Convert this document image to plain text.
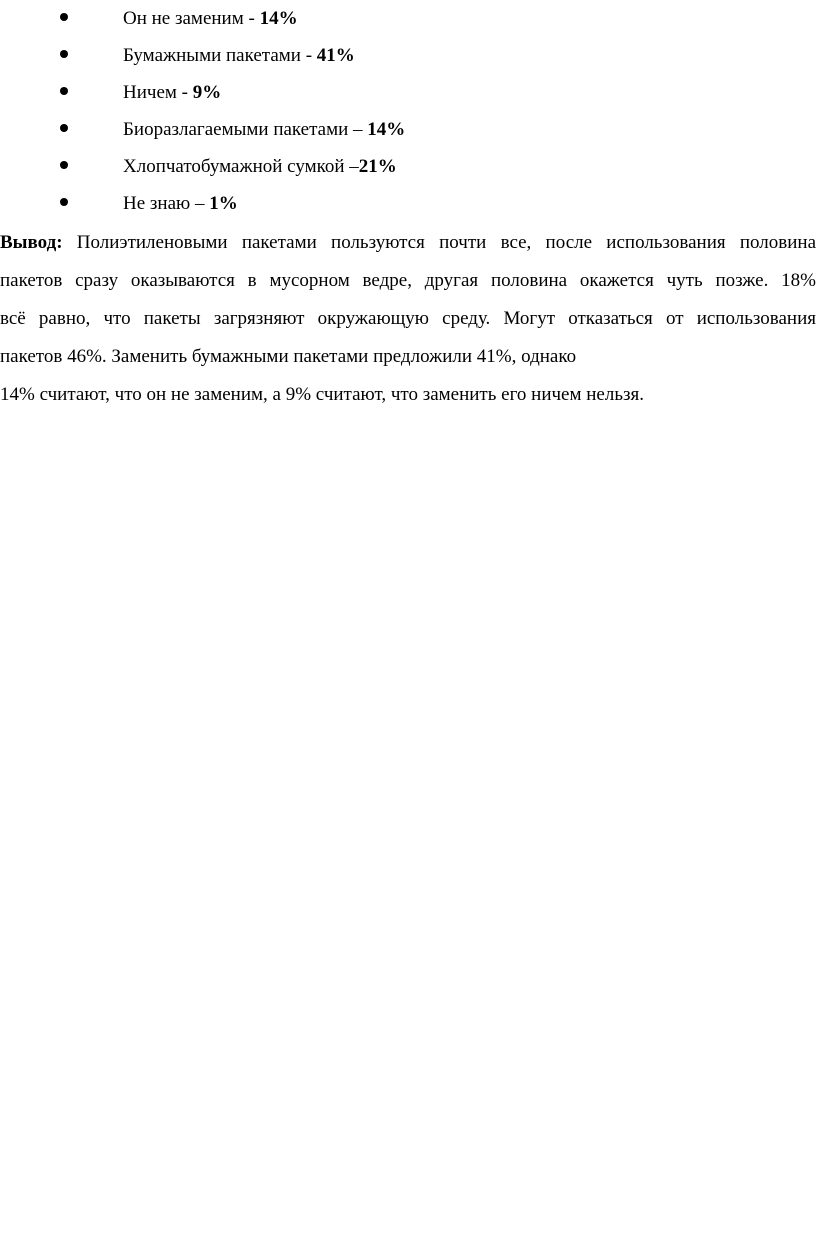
Он не заменим - 14%
Бумажными пакетами - 41%
Ничем - 9%
Биоразлагаемыми пакетами – 14%
Хлопчатобумажной сумкой –21%
Не знаю – 1%
Вывод: Полиэтиленовыми пакетами пользуются почти все, после использования половина
пакетов сразу оказываются в мусорном ведре, другая половина окажется чуть позже. 18%
всё равно, что пакеты загрязняют окружающую среду. Могут отказаться от использования
пакетов 46%. Заменить бумажными пакетами предложили 41%, однако
14% считают, что он не заменим, а 9% считают, что заменить его ничем нельзя.
